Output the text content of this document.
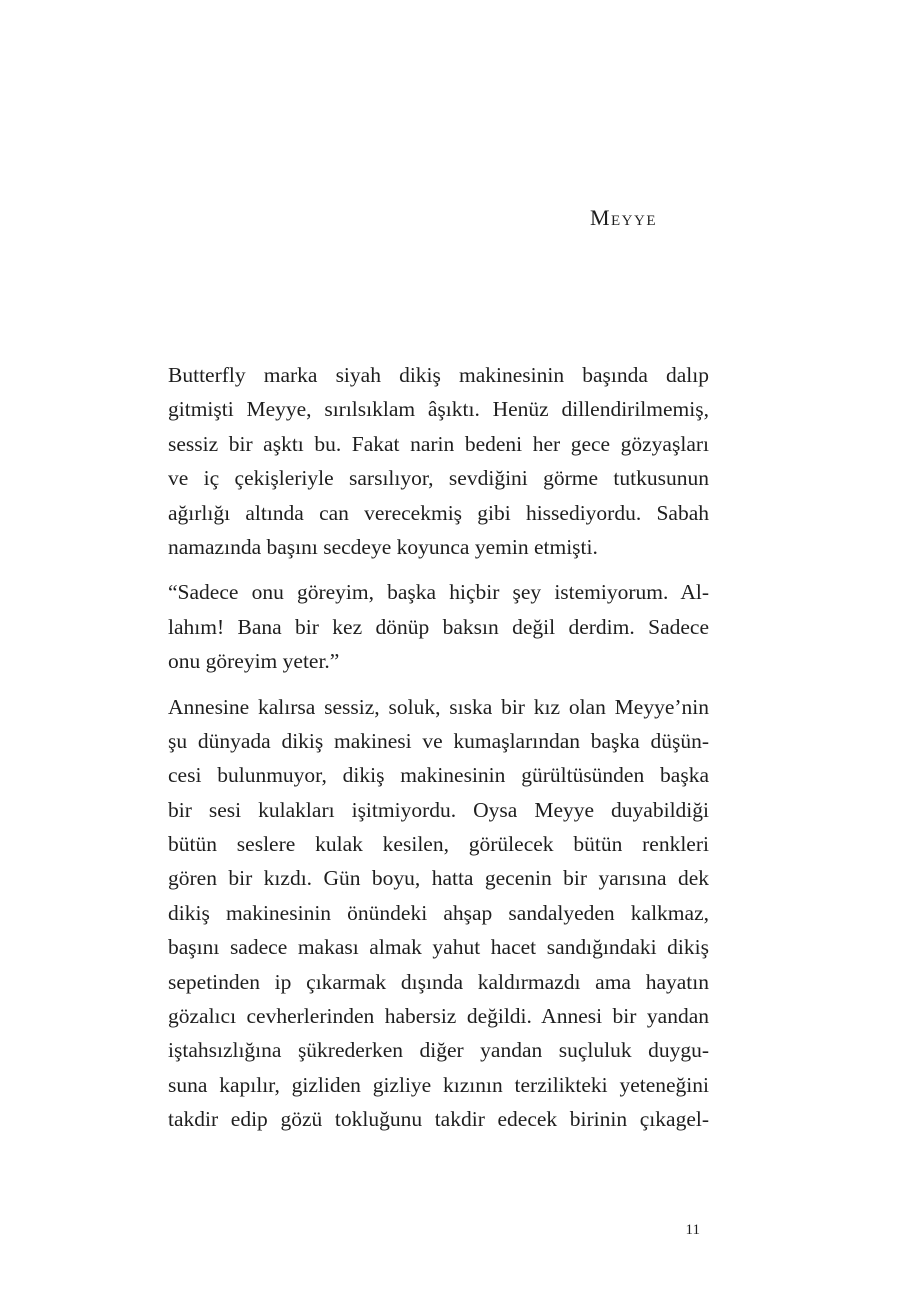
Meyye

Butterfly marka siyah dikiş makinesinin başında dalıp
gitmişti Meyye, sırılsıklam âşıktı. Henüz dillendirilmemiş,
sessiz bir aşktı bu. Fakat narin bedeni her gece gözyaşları
ve iç çekişleriyle sarsılıyor, sevdiğini görme tutkusunun
ağırlığı altında can verecekmiş gibi hissediyordu. Sabah
namazında başını secdeye koyunca yemin etmişti.

“Sadece onu göreyim, başka hiçbir şey istemiyorum. Al-
lahım! Bana bir kez dönüp baksın değil derdim. Sadece
onu göreyim yeter.”

Annesine kalırsa sessiz, soluk, sıska bir kız olan Meyye’nin
şu dünyada dikiş makinesi ve kumaşlarından başka düşün-
cesi bulunmuyor, dikiş makinesinin gürültüsünden başka
bir sesi kulakları işitmiyordu. Oysa Meyye duyabildiği
bütün seslere kulak kesilen, görülecek bütün renkleri
gören bir kızdı. Gün boyu, hatta gecenin bir yarısına dek
dikiş makinesinin önündeki ahşap sandalyeden kalkmaz,
başını sadece makası almak yahut hacet sandığındaki dikiş
sepetinden ip çıkarmak dışında kaldırmazdı ama hayatın
gözalıcı cevherlerinden habersiz değildi. Annesi bir yandan
iştahsızlığına şükrederken diğer yandan suçluluk duygu-
suna kapılır, gizliden gizliye kızının terzilikteki yeteneğini
takdir edip gözü tokluğunu takdir edecek birinin çıkagel-

11
